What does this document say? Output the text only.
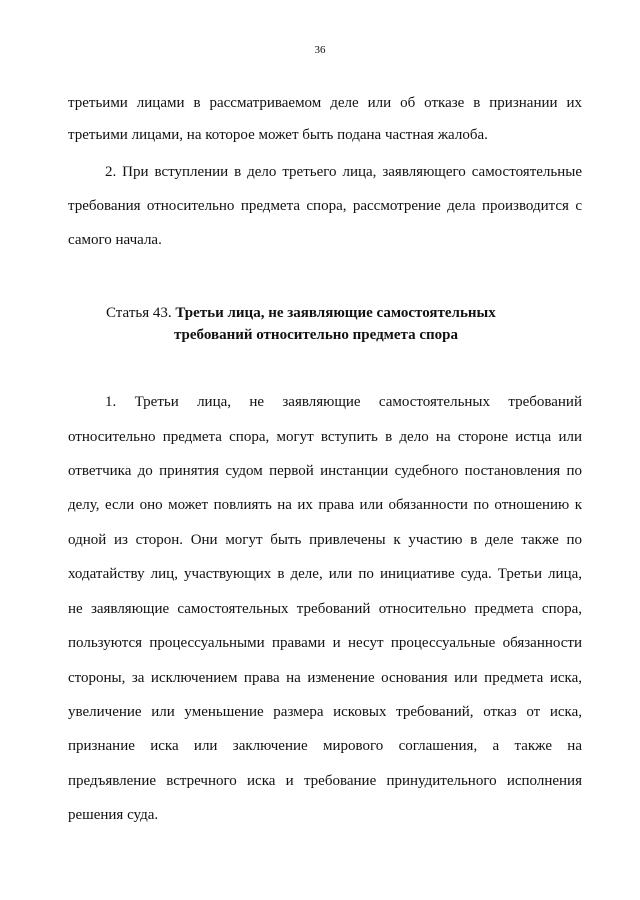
36
третьими лицами в рассматриваемом деле или об отказе в признании их
третьими лицами, на которое может быть подана частная жалоба.
2. При вступлении в дело третьего лица, заявляющего самостоятельные
требования относительно предмета спора, рассмотрение дела производится с
самого начала.
Статья 43. Третьи лица, не заявляющие самостоятельных
требований относительно предмета спора
1. Третьи лица, не заявляющие самостоятельных требований
относительно предмета спора, могут вступить в дело на стороне истца или
ответчика до принятия судом первой инстанции судебного постановления по
делу, если оно может повлиять на их права или обязанности по отношению к
одной из сторон. Они могут быть привлечены к участию в деле также по
ходатайству лиц, участвующих в деле, или по инициативе суда. Третьи лица,
не заявляющие самостоятельных требований относительно предмета спора,
пользуются процессуальными правами и несут процессуальные обязанности
стороны, за исключением права на изменение основания или предмета иска,
увеличение или уменьшение размера исковых требований, отказ от иска,
признание иска или заключение мирового соглашения, а также на
предъявление встречного иска и требование принудительного исполнения
решения суда.
